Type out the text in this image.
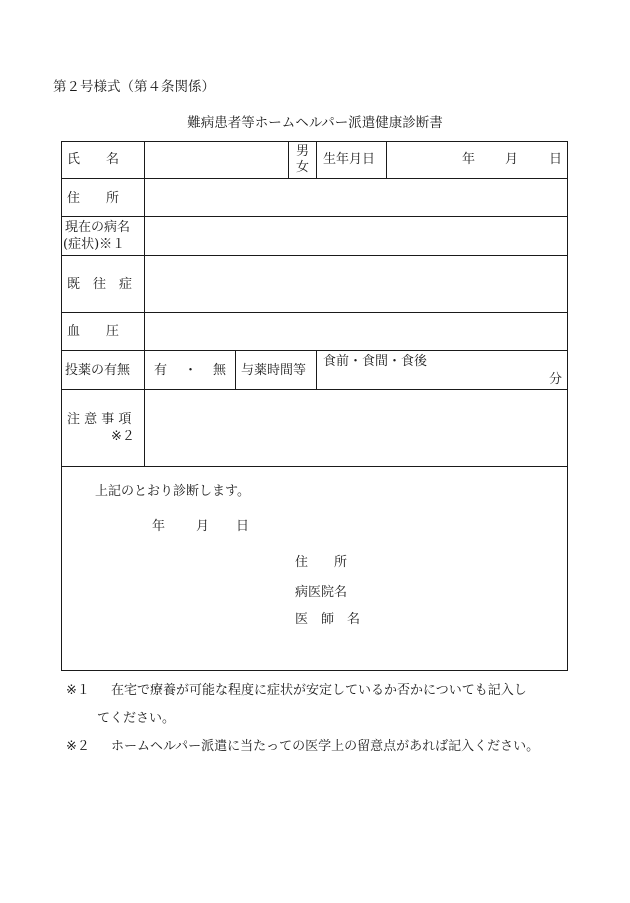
第２号様式（第４条関係）
難病患者等ホームヘルパー派遣健康診断書
氏　　名
男
女
生年月日	年 月 日
住　　所
現在の病名
(症状)※１
既　往　症
血　　圧
投薬の有無 有 ・ 無 与薬時間等
食前・食間・食後
分
注 意 事 項
※２
上記のとおり診断します。
年 月 日
住　　所
病医院名
医　師　名
※１ 在宅で療養が可能な程度に症状が安定しているか否かについても記入し
てください。
※２ ホームヘルパー派遣に当たっての医学上の留意点があれば記入ください。
